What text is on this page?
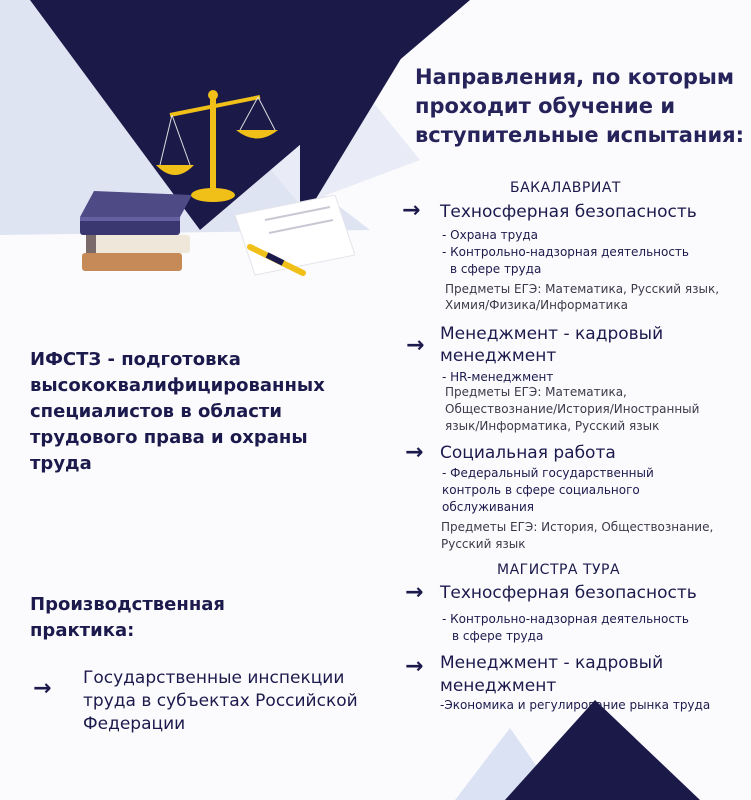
Направления, по которым проходит обучение и вступительные испытания:
БАКАЛАВРИАТ
→ Техносферная безопасность
- Охрана труда
- Контрольно-надзорная деятельность
в сфере труда
Предметы ЕГЭ: Математика, Русский язык,
Химия/Физика/Информатика
→ Менеджмент - кадровый
менеджмент
- HR-менеджмент
Предметы ЕГЭ: Математика,
Обществознание/История/Иностранный
язык/Информатика, Русский язык
→ Социальная работа
- Федеральный государственный
контроль в сфере социального
обслуживания
Предметы ЕГЭ: История, Обществознание,
Русский язык
МАГИСТРА ТУРА
→ Техносферная безопасность
- Контрольно-надзорная деятельность
в сфере труда
→ Менеджмент - кадровый
менеджмент
-Экономика и регулирование рынка труда
ИФСТЗ - подготовка высококвалифицированных специалистов в области трудового права и охраны труда
Производственная практика:
→ Государственные инспекции труда в субъектах Российской Федерации
